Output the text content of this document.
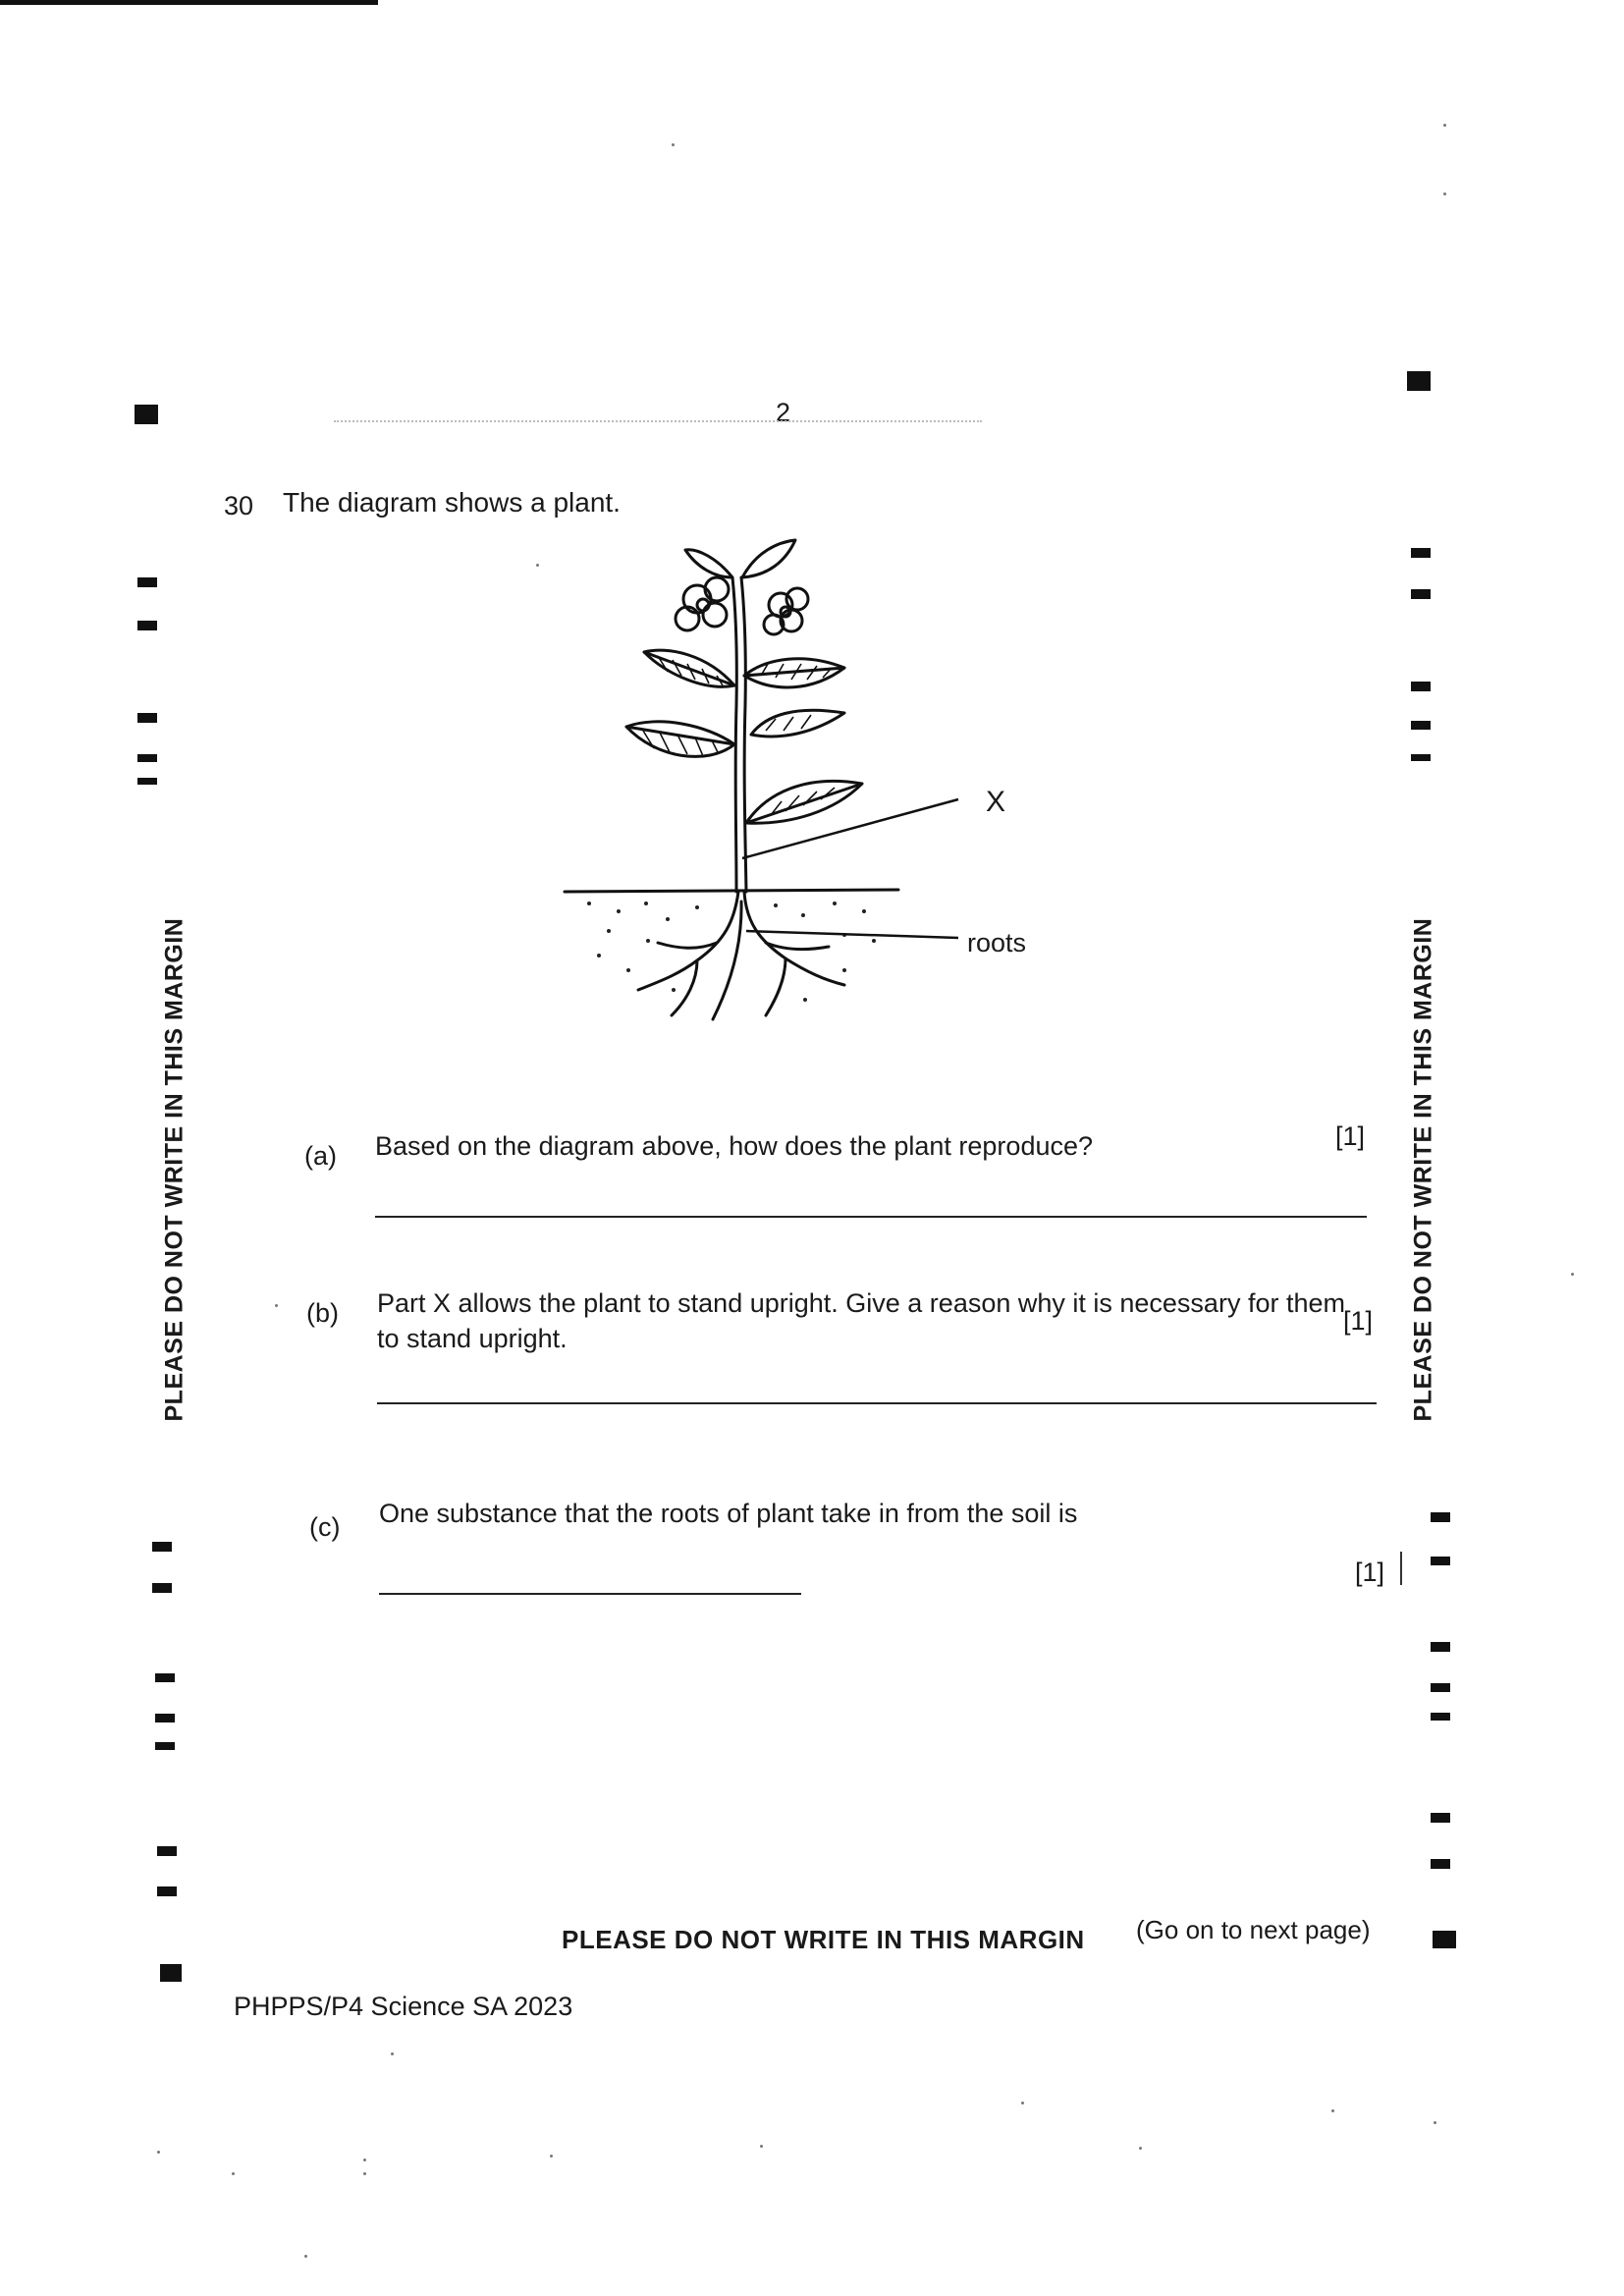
2
30 The diagram shows a plant.
X
roots
PLEASE DO NOT WRITE IN THIS MARGIN	PLEASE DO NOT WRITE IN THIS MARGIN
(a) Based on the diagram above, how does the plant reproduce?	[1]
(b) Part X allows the plant to stand upright. Give a reason why it is necessary for them
to stand upright.
[1]
(c) One substance that the roots of plant take in from the soil is
[1]
PLEASE DO NOT WRITE IN THIS MARGIN (Go on to next page)
PHPPS/P4 Science SA 2023
